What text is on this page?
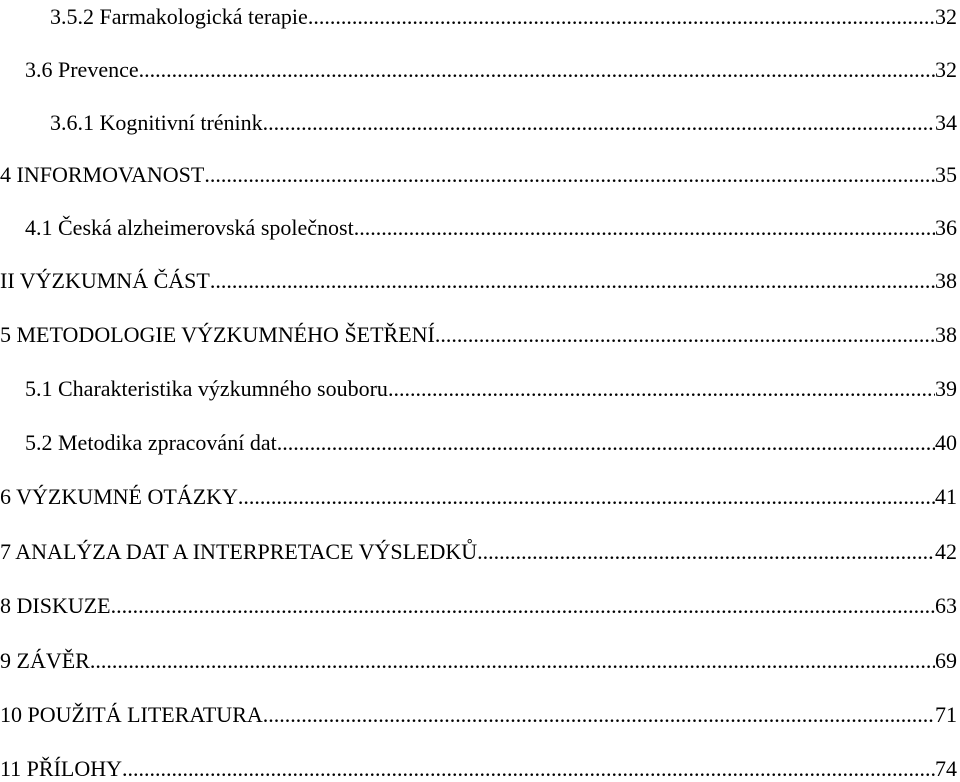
3.5.2 Farmakologická terapie .....	32
3.6 Prevence .....	32
3.6.1 Kognitivní trénink .....	34
4 INFORMOVANOST .....	35
4.1 Česká alzheimerovská společnost .....	36
II VÝZKUMNÁ ČÁST .....	38
5 METODOLOGIE VÝZKUMNÉHO ŠETŘENÍ .....	38
5.1 Charakteristika výzkumného souboru .....	39
5.2 Metodika zpracování dat .....	40
6 VÝZKUMNÉ OTÁZKY .....	41
7 ANALÝZA DAT A INTERPRETACE VÝSLEDKŮ .....	42
8 DISKUZE .....	63
9 ZÁVĚR .....	69
10 POUŽITÁ LITERATURA .....	71
11 PŘÍLOHY .....	74
